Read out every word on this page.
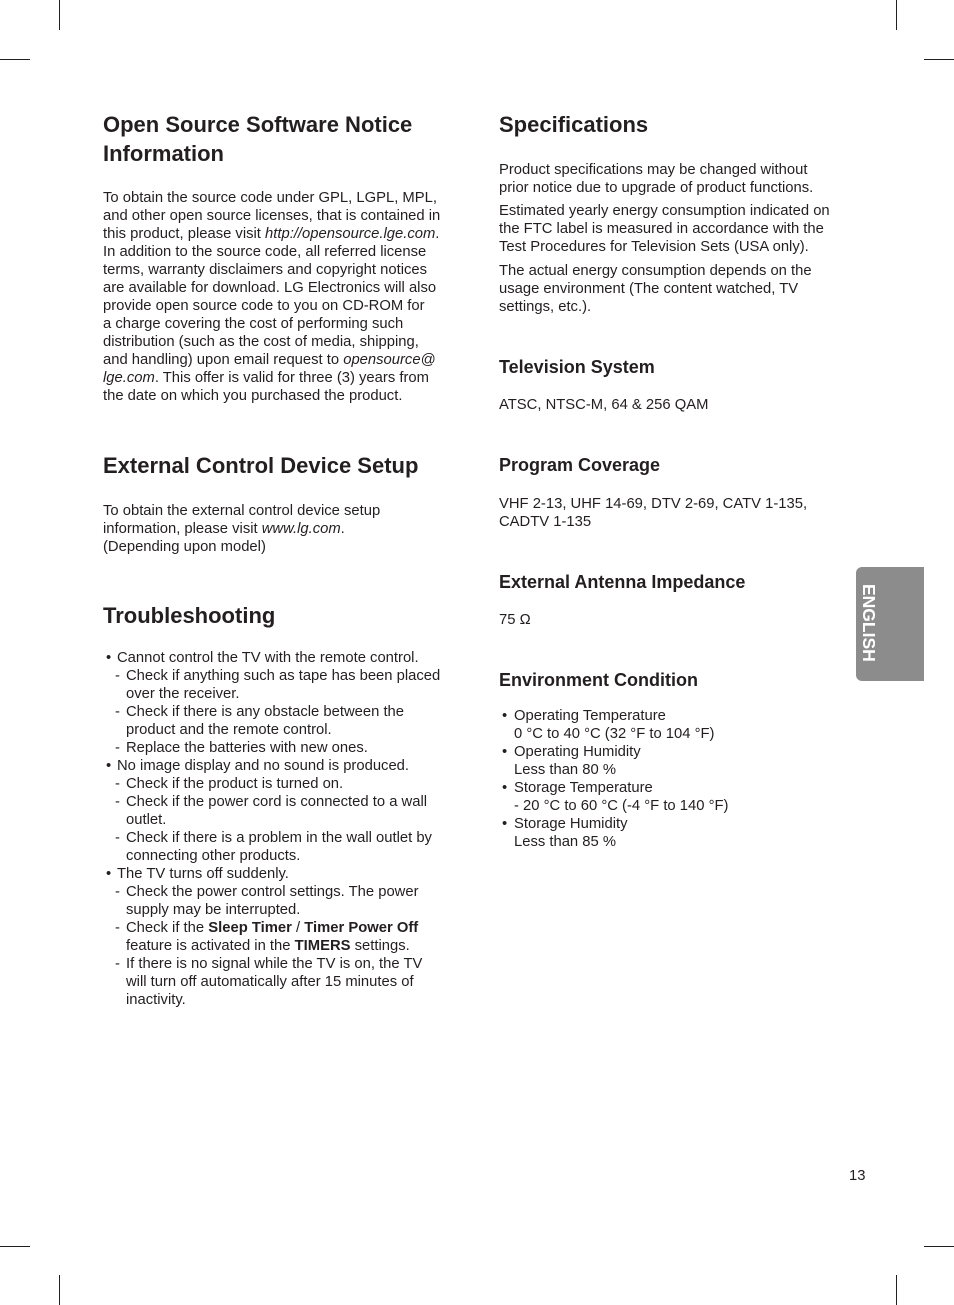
Open Source Software Notice
Information
To obtain the source code under GPL, LGPL, MPL,
and other open source licenses, that is contained in
this product, please visit http://opensource.lge.com.
In addition to the source code, all referred license
terms, warranty disclaimers and copyright notices
are available for download. LG Electronics will also
provide open source code to you on CD-ROM for
a charge covering the cost of performing such
distribution (such as the cost of media, shipping,
and handling) upon email request to opensource@
lge.com. This offer is valid for three (3) years from
the date on which you purchased the product.
External Control Device Setup
To obtain the external control device setup
information, please visit www.lg.com.
(Depending upon model)
Troubleshooting
• Cannot control the TV with the remote control.
- Check if anything such as tape has been placed
over the receiver.
- Check if there is any obstacle between the
product and the remote control.
- Replace the batteries with new ones.
• No image display and no sound is produced.
- Check if the product is turned on.
- Check if the power cord is connected to a wall
outlet.
- Check if there is a problem in the wall outlet by
connecting other products.
• The TV turns off suddenly.
- Check the power control settings. The power
supply may be interrupted.
- Check if the Sleep Timer / Timer Power Off
feature is activated in the TIMERS settings.
- If there is no signal while the TV is on, the TV
will turn off automatically after 15 minutes of
inactivity.
Specifications
Product specifications may be changed without
prior notice due to upgrade of product functions.
Estimated yearly energy consumption indicated on
the FTC label is measured in accordance with the
Test Procedures for Television Sets (USA only).
The actual energy consumption depends on the
usage environment (The content watched, TV
settings, etc.).
Television System
ATSC, NTSC-M, 64 & 256 QAM
Program Coverage
VHF 2-13, UHF 14-69, DTV 2-69, CATV 1-135,
CADTV 1-135
External Antenna Impedance
75 Ω
Environment Condition
• Operating Temperature
0 °C to 40 °C (32 °F to 104 °F)
• Operating Humidity
Less than 80 %
• Storage Temperature
- 20 °C to 60 °C (-4 °F to 140 °F)
• Storage Humidity
Less than 85 %
ENGLISH
13
